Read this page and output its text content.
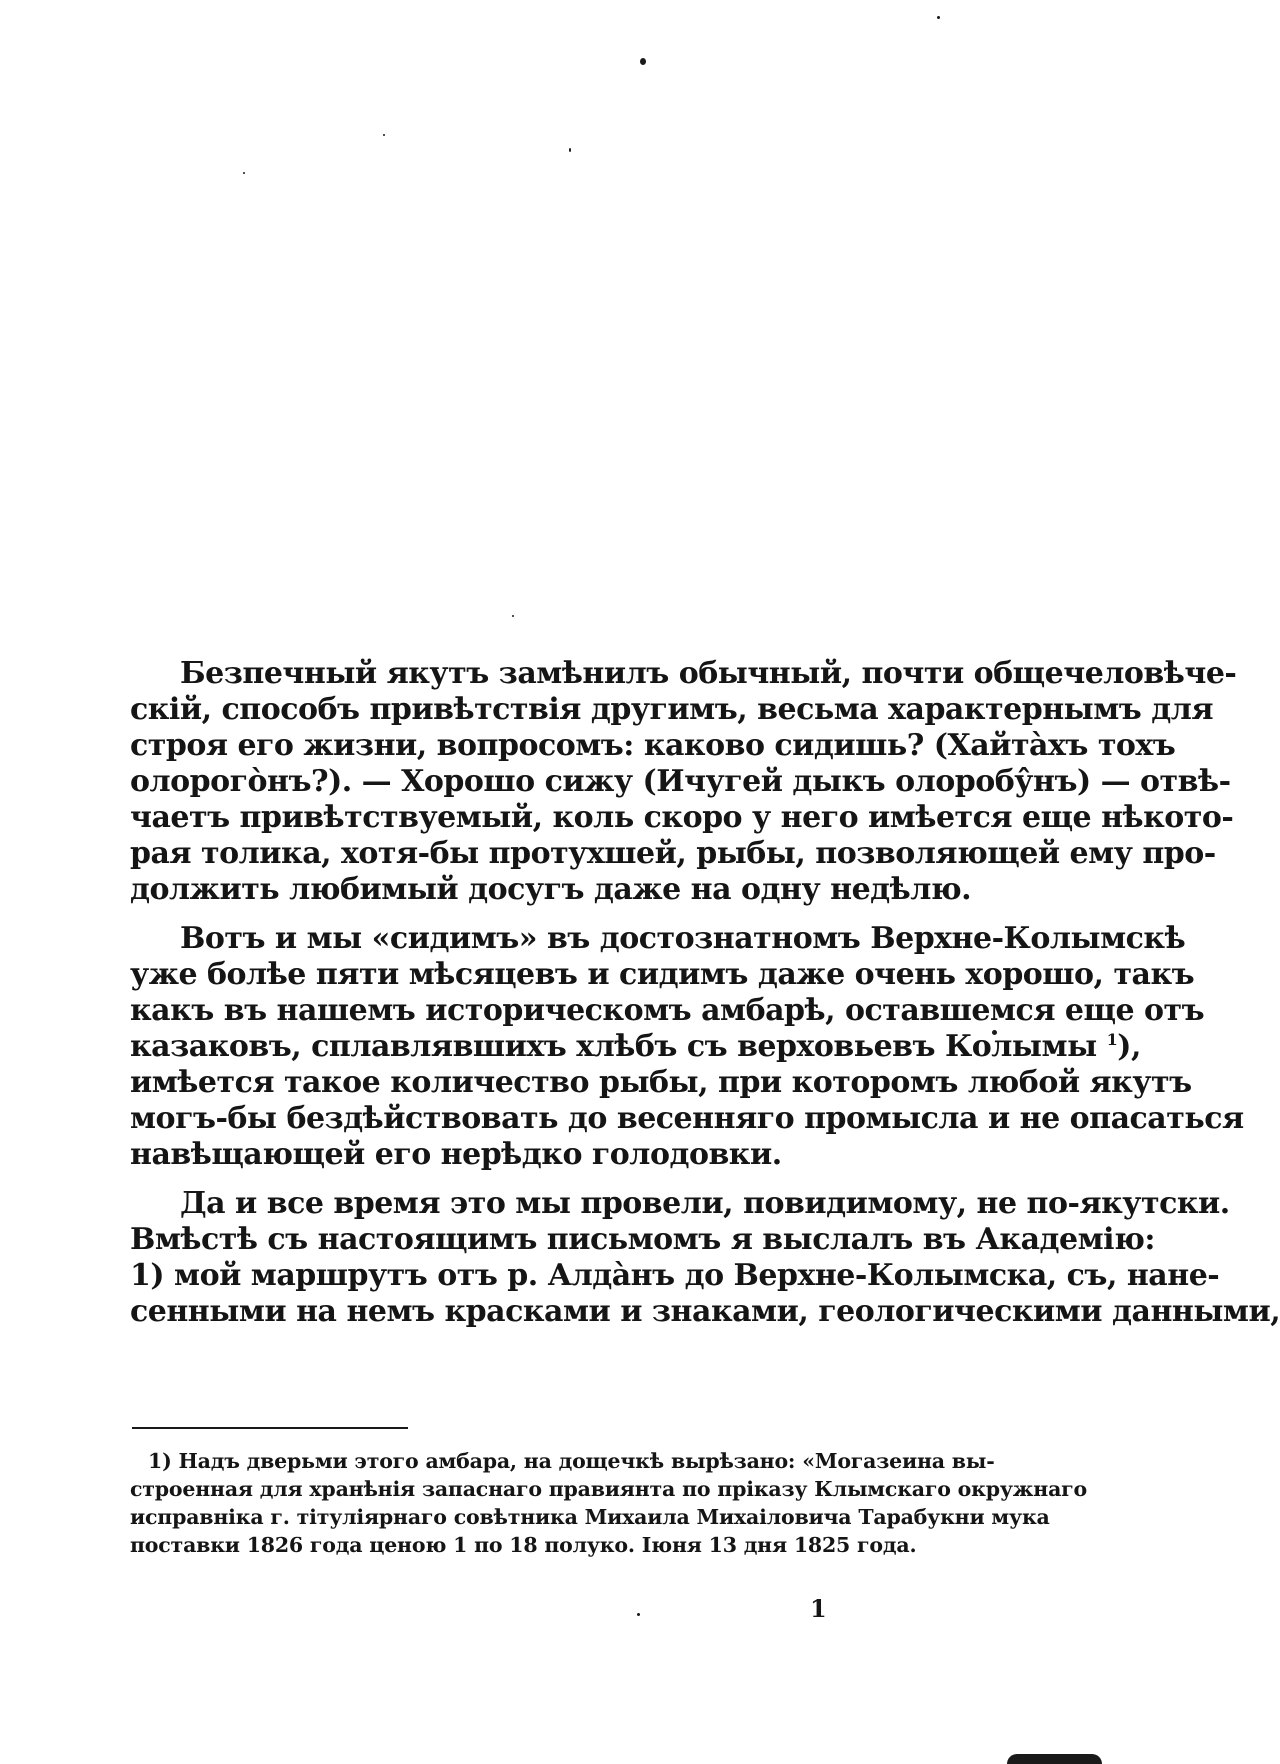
Безпечный якутъ замѣнилъ обычный, почти общечеловѣче-
скій, способъ привѣтствія другимъ, весьма характернымъ для
строя его жизни, вопросомъ: каково сидишь? (Хайтàхъ тохъ
олорогòнъ?). — Хорошо сижу (Ичугей дыкъ олоробу̂нъ) — отвѣ-
чаетъ привѣтствуемый, коль скоро у него имѣется еще нѣкото-
рая толика, хотя-бы протухшей, рыбы, позволяющей ему про-
должить любимый досугъ даже на одну недѣлю.
Вотъ и мы «сидимъ» въ достознатномъ Верхне-Колымскѣ
уже болѣе пяти мѣсяцевъ и сидимъ даже очень хорошо, такъ
какъ въ нашемъ историческомъ амбарѣ, оставшемся еще отъ
казаковъ, сплавлявшихъ хлѣбъ съ верховьевъ Колымы $^1$),
имѣется такое количество рыбы, при которомъ любой якутъ
могъ-бы бездѣйствовать до весенняго промысла и не опасаться
навѣщающей его нерѣдко голодовки.
Да и все время это мы провели, повидимому, не по-якутски.
Вмѣстѣ съ настоящимъ письмомъ я выслалъ въ Академію:
1) мой маршрутъ отъ р. Алдàнъ до Верхне-Колымска, съ, нане-
сенными на немъ красками и знаками, геологическими данными,
1) Надъ дверьми этого амбара, на дощечкѣ вырѣзано: «Могазеина вы-
строенная для хранѣнія запаснаго правиянта по пріказу Клымскаго окружнаго
исправніка г. тітуліярнаго совѣтника Михаила Михаіловича Тарабукни мука
поставки 1826 года ценою 1 по 18 полуко. Іюня 13 дня 1825 года.
1
